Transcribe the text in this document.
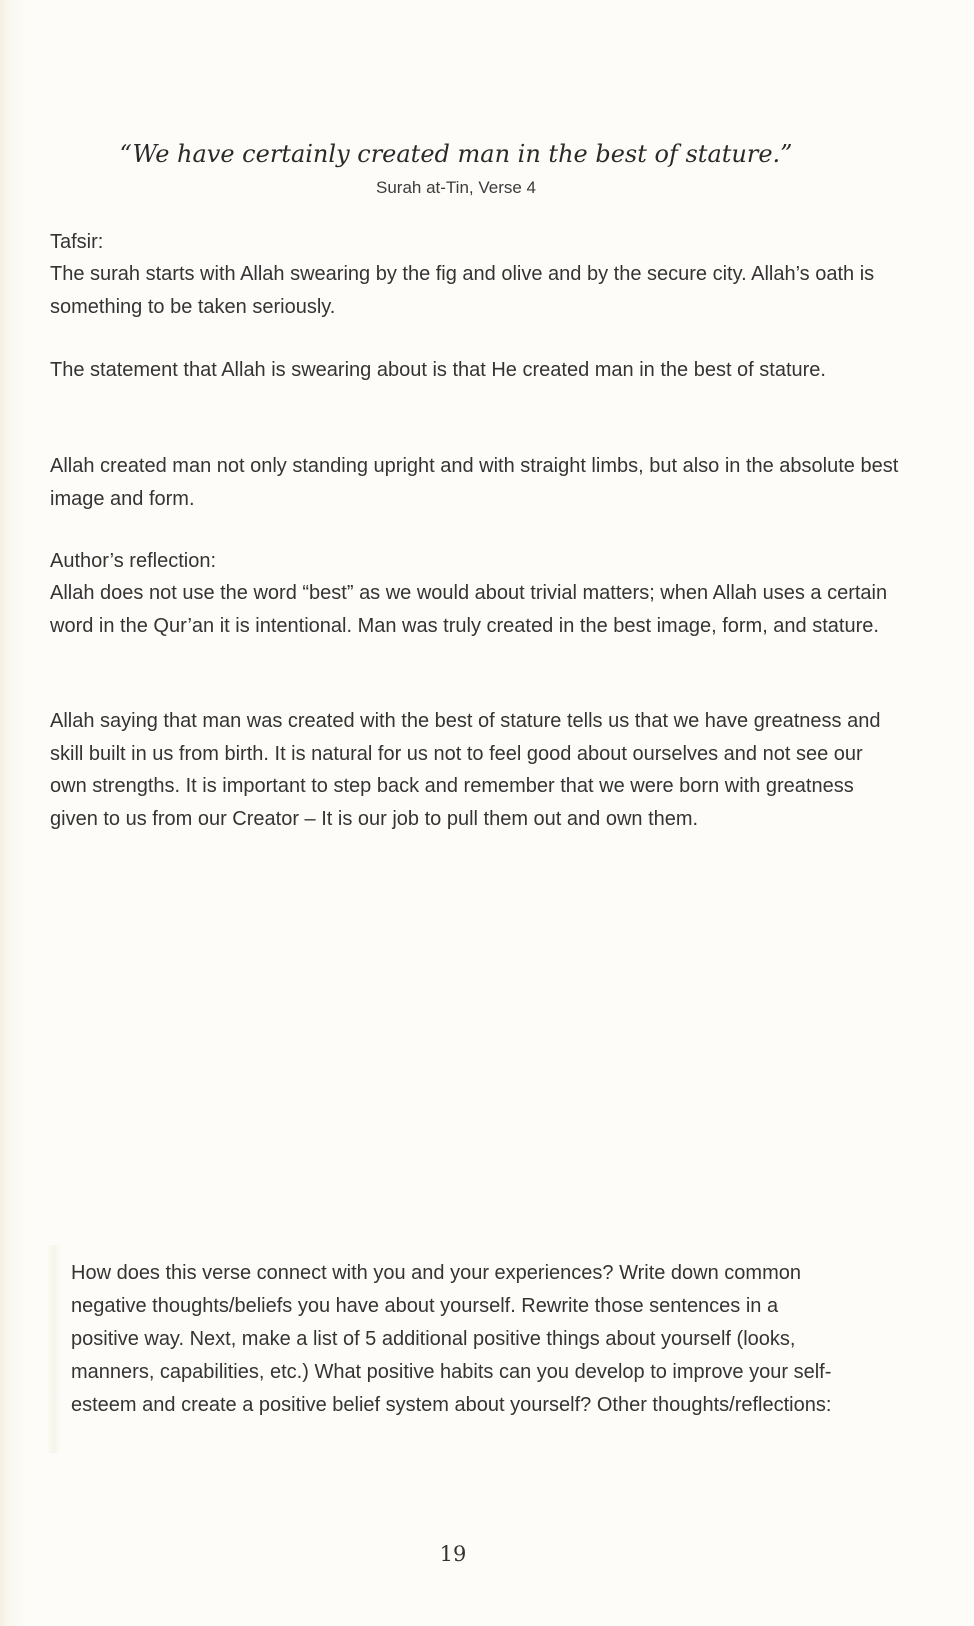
“We have certainly created man in the best of stature.”
Surah at-Tin, Verse 4

Tafsir:

The surah starts with Allah swearing by the fig and olive and by the secure city. Allah’s oath is something to be taken seriously.

The statement that Allah is swearing about is that He created man in the best of stature.

Allah created man not only standing upright and with straight limbs, but also in the absolute best image and form.

Author’s reflection:

Allah does not use the word “best” as we would about trivial matters; when Allah uses a certain word in the Qur’an it is intentional. Man was truly created in the best image, form, and stature.

Allah saying that man was created with the best of stature tells us that we have greatness and skill built in us from birth. It is natural for us not to feel good about ourselves and not see our own strengths. It is important to step back and remember that we were born with greatness given to us from our Creator – It is our job to pull them out and own them.

How does this verse connect with you and your experiences? Write down common negative thoughts/beliefs you have about yourself. Rewrite those sentences in a positive way. Next, make a list of 5 additional positive things about yourself (looks, manners, capabilities, etc.) What positive habits can you develop to improve your self-esteem and create a positive belief system about yourself? Other thoughts/reflections:

19
